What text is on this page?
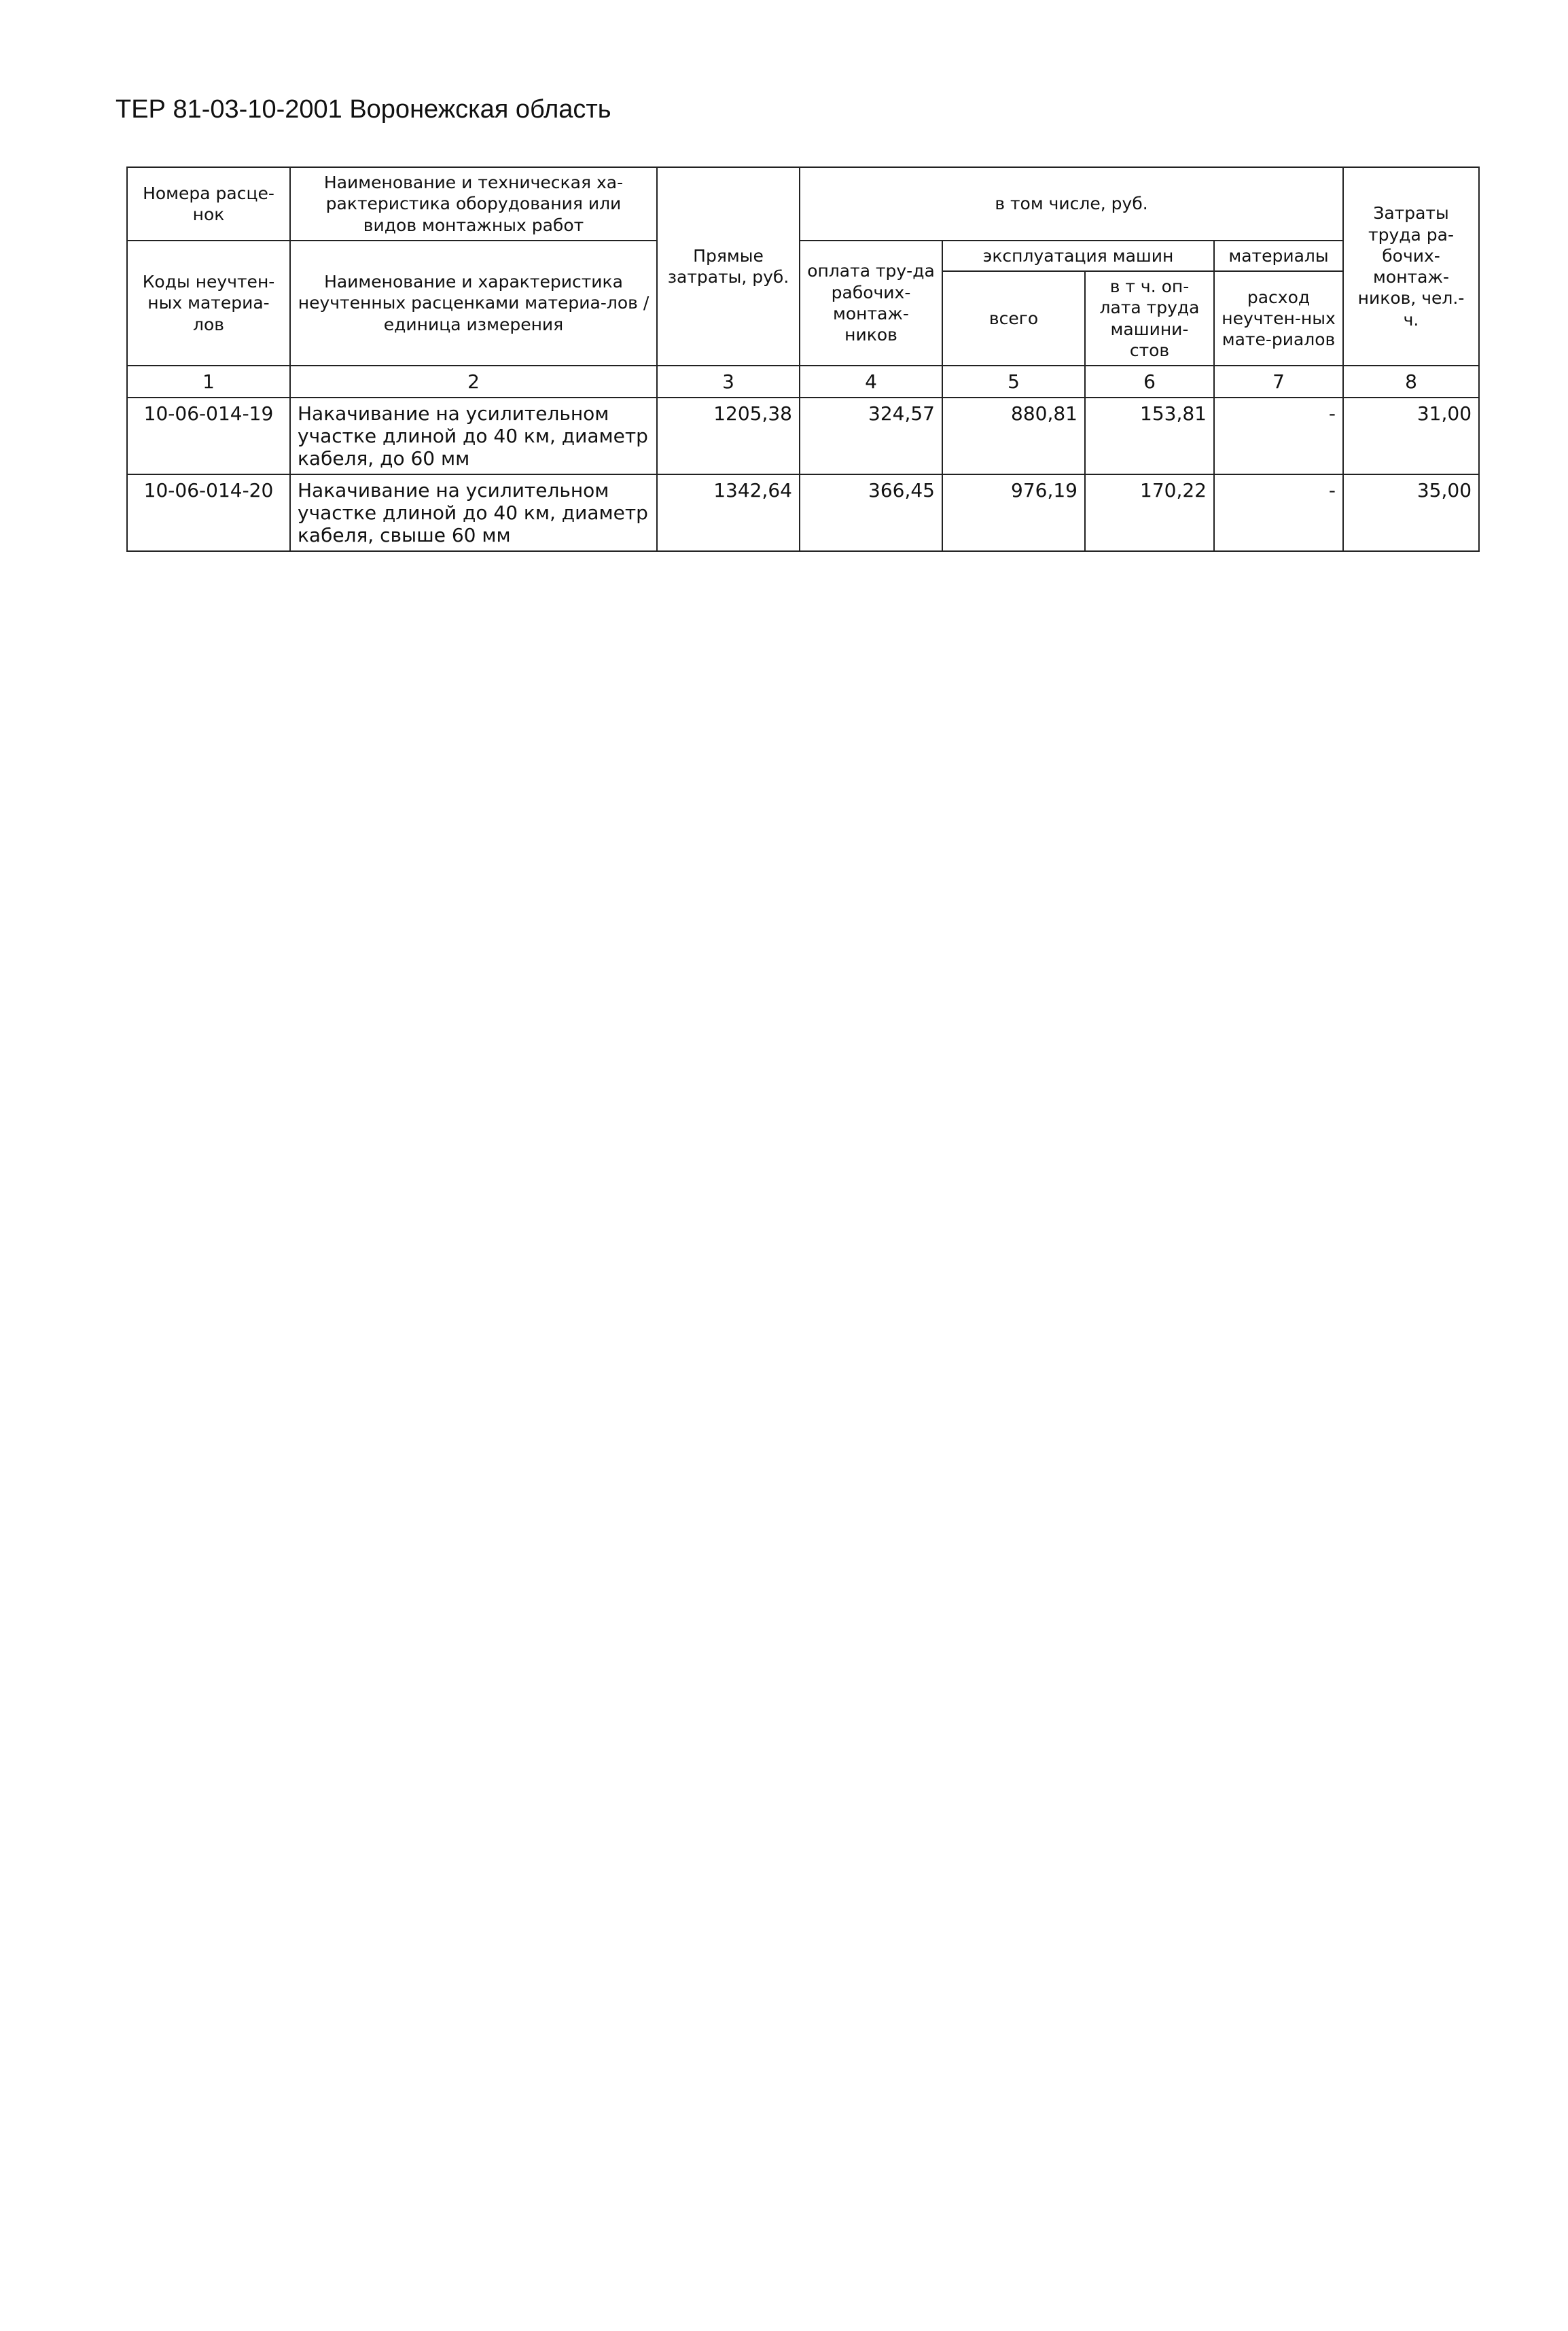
ТЕР 81-03-10-2001 Воронежская область
Номера расце-нок	Наименование и техническая ха-рактеристика оборудования или видов монтажных работ	Прямые затраты, руб.	в том числе, руб.				Затраты труда ра-бочих-монтаж-ников, чел.-ч.
Коды неучтен-ных материа-лов	Наименование и характеристика неучтенных расценками материа-лов / единица измерения		оплата тру-да рабочих-монтаж-ников	эксплуатация машин		материалы	
				всего	в т ч. оп-лата труда машини-стов	расход неучтен-ных мате-риалов	
1	2	3	4	5	6	7	8
10-06-014-19	Накачивание на усилительном участке длиной до 40 км, диаметр кабеля, до 60 мм	1205,38	324,57	880,81	153,81	-	31,00
10-06-014-20	Накачивание на усилительном участке длиной до 40 км, диаметр кабеля, свыше 60 мм	1342,64	366,45	976,19	170,22	-	35,00
